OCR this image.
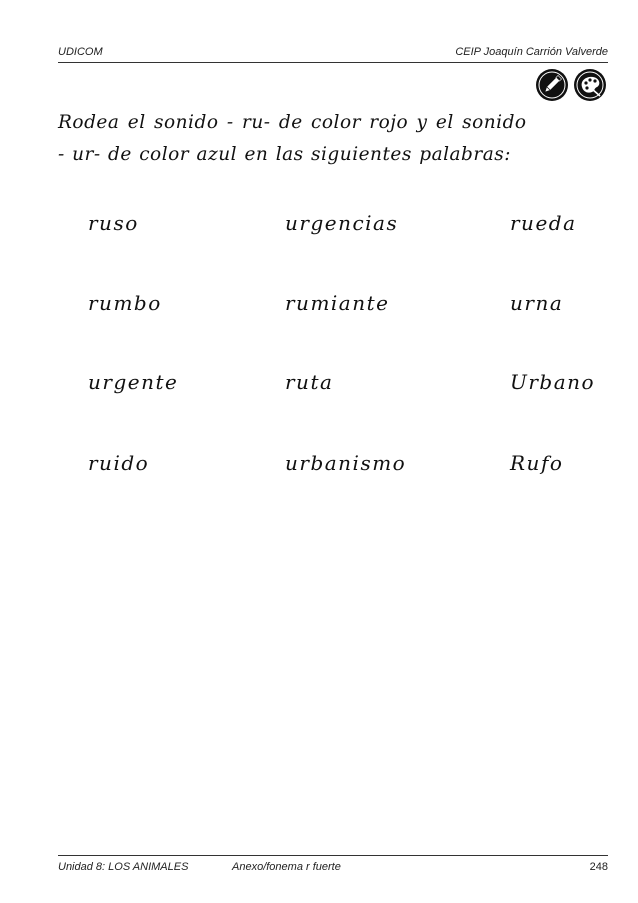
UDICOM	CEIP Joaquín Carrión Valverde
Rodea el sonido - ru- de color rojo y el sonido
- ur- de color azul en las siguientes palabras:
ruso	urgencias	rueda
rumbo	rumiante	urna
urgente	ruta	Urbano
ruido	urbanismo	Rufo
Unidad 8: LOS ANIMALES	Anexo/fonema r fuerte	248
